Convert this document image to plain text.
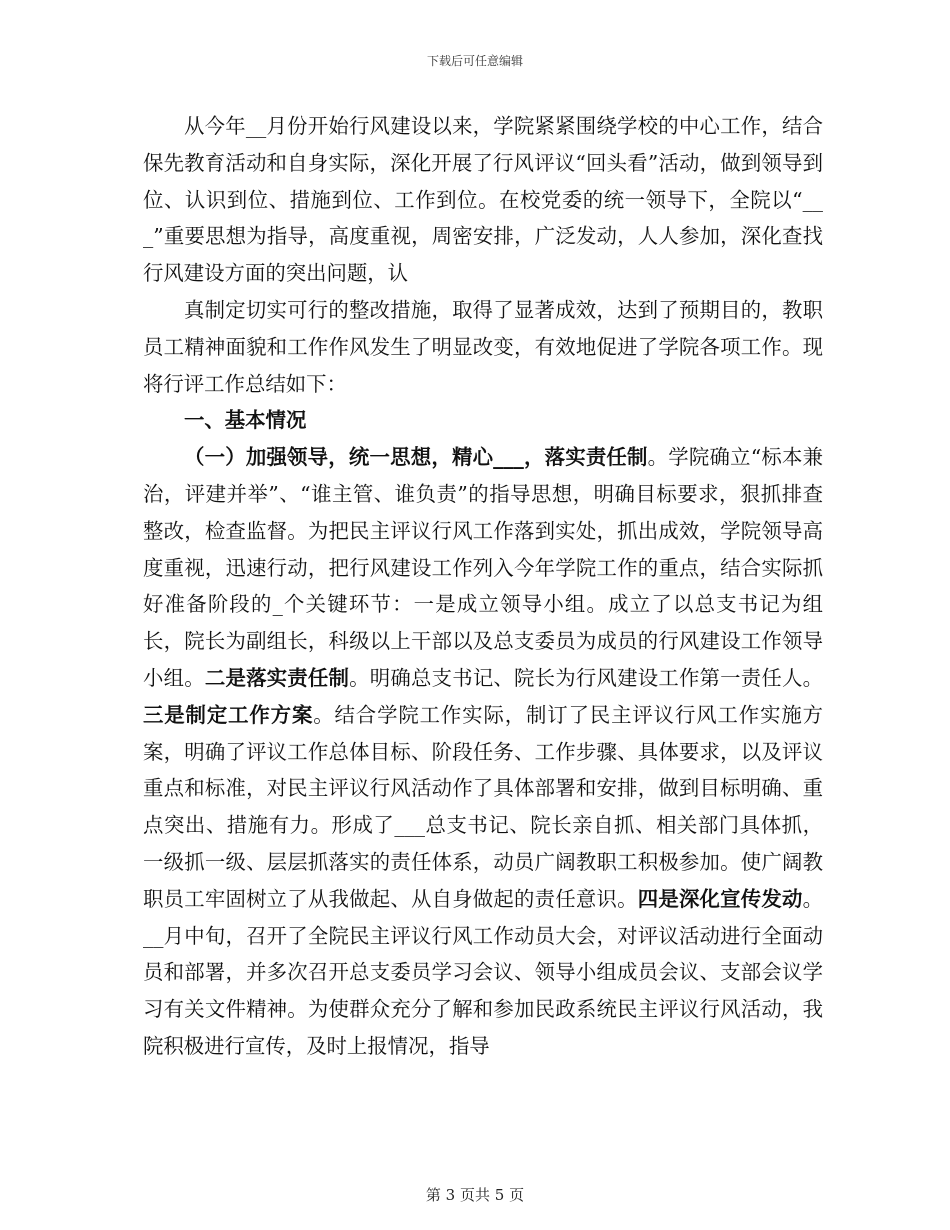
下载后可任意编辑

从今年__月份开始行风建设以来，学院紧紧围绕学校的中心工作，结合保先教育活动和自身实际，深化开展了行风评议“回头看”活动，做到领导到位、认识到位、措施到位、工作到位。在校党委的统一领导下，全院以“___”重要思想为指导，高度重视，周密安排，广泛发动，人人参加，深化查找行风建设方面的突出问题，认

真制定切实可行的整改措施，取得了显著成效，达到了预期目的，教职员工精神面貌和工作作风发生了明显改变，有效地促进了学院各项工作。现将行评工作总结如下：

一、基本情况

（一）加强领导，统一思想，精心___，落实责任制。学院确立“标本兼治，评建并举”、“谁主管、谁负责”的指导思想，明确目标要求，狠抓排查整改，检查监督。为把民主评议行风工作落到实处，抓出成效，学院领导高度重视，迅速行动，把行风建设工作列入今年学院工作的重点，结合实际抓好准备阶段的_个关键环节：一是成立领导小组。成立了以总支书记为组长，院长为副组长，科级以上干部以及总支委员为成员的行风建设工作领导小组。二是落实责任制。明确总支书记、院长为行风建设工作第一责任人。三是制定工作方案。结合学院工作实际，制订了民主评议行风工作实施方案，明确了评议工作总体目标、阶段任务、工作步骤、具体要求，以及评议重点和标准，对民主评议行风活动作了具体部署和安排，做到目标明确、重点突出、措施有力。形成了___总支书记、院长亲自抓、相关部门具体抓，一级抓一级、层层抓落实的责任体系，动员广阔教职工积极参加。使广阔教职员工牢固树立了从我做起、从自身做起的责任意识。四是深化宣传发动。__月中旬，召开了全院民主评议行风工作动员大会，对评议活动进行全面动员和部署，并多次召开总支委员学习会议、领导小组成员会议、支部会议学习有关文件精神。为使群众充分了解和参加民政系统民主评议行风活动，我院积极进行宣传，及时上报情况，指导

第 3 页共 5 页
